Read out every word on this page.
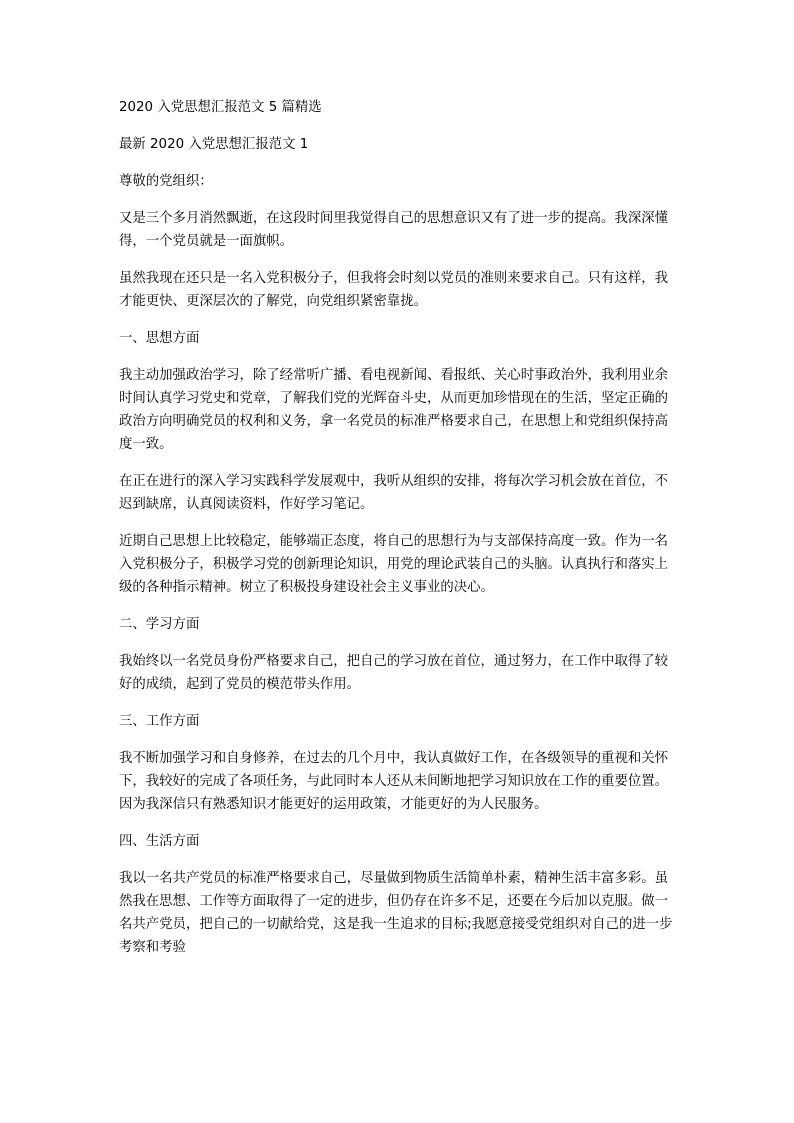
2020 入党思想汇报范文 5 篇精选

最新 2020 入党思想汇报范文 1

尊敬的党组织：

又是三个多月消然飘逝，在这段时间里我觉得自己的思想意识又有了进一步的提高。我深深懂得，一个党员就是一面旗帜。

虽然我现在还只是一名入党积极分子，但我将会时刻以党员的准则来要求自己。只有这样，我才能更快、更深层次的了解党，向党组织紧密靠拢。

一、思想方面

我主动加强政治学习，除了经常听广播、看电视新闻、看报纸、关心时事政治外，我利用业余时间认真学习党史和党章，了解我们党的光辉奋斗史，从而更加珍惜现在的生活，坚定正确的政治方向明确党员的权利和义务，拿一名党员的标准严格要求自己，在思想上和党组织保持高度一致。

在正在进行的深入学习实践科学发展观中，我听从组织的安排，将每次学习机会放在首位，不迟到缺席，认真阅读资料，作好学习笔记。

近期自己思想上比较稳定，能够端正态度，将自己的思想行为与支部保持高度一致。作为一名入党积极分子，积极学习党的创新理论知识，用党的理论武装自己的头脑。认真执行和落实上级的各种指示精神。树立了积极投身建设社会主义事业的决心。

二、学习方面

我始终以一名党员身份严格要求自己，把自己的学习放在首位，通过努力，在工作中取得了较好的成绩，起到了党员的模范带头作用。

三、工作方面

我不断加强学习和自身修养，在过去的几个月中，我认真做好工作，在各级领导的重视和关怀下，我较好的完成了各项任务，与此同时本人还从未间断地把学习知识放在工作的重要位置。因为我深信只有熟悉知识才能更好的运用政策，才能更好的为人民服务。

四、生活方面

我以一名共产党员的标准严格要求自己，尽量做到物质生活简单朴素，精神生活丰富多彩。虽然我在思想、工作等方面取得了一定的进步，但仍存在许多不足，还要在今后加以克服。做一名共产党员，把自己的一切献给党，这是我一生追求的目标;我愿意接受党组织对自己的进一步考察和考验
